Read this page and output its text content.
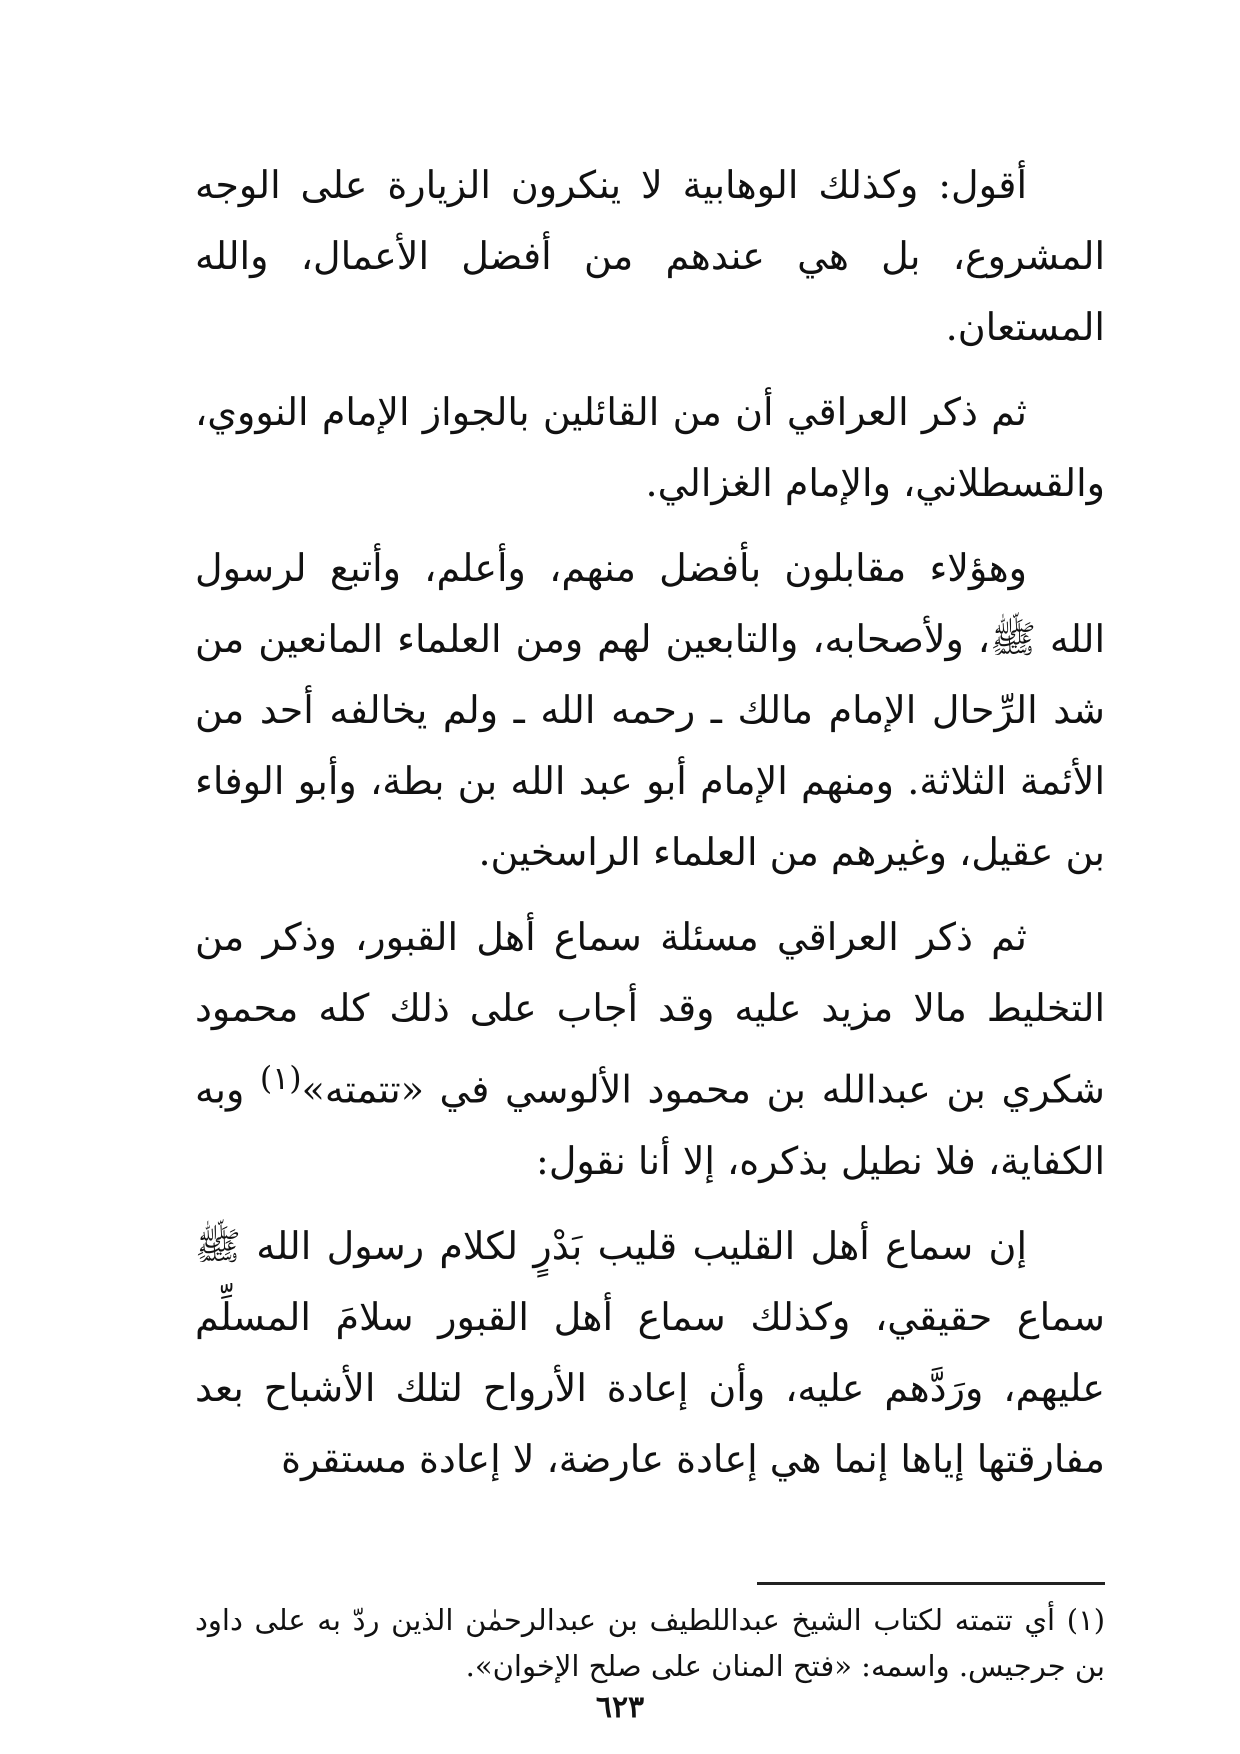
أقول: وكذلك الوهابية لا ينكرون الزيارة على الوجه المشروع، بل هي عندهم من أفضل الأعمال، والله المستعان.

ثم ذكر العراقي أن من القائلين بالجواز الإمام النووي، والقسطلاني، والإمام الغزالي.

وهؤلاء مقابلون بأفضل منهم، وأعلم، وأتبع لرسول الله ﷺ، ولأصحابه، والتابعين لهم ومن العلماء المانعين من شد الرِّحال الإمام مالك ـ رحمه الله ـ ولم يخالفه أحد من الأئمة الثلاثة. ومنهم الإمام أبو عبد الله بن بطة، وأبو الوفاء بن عقيل، وغيرهم من العلماء الراسخين.

ثم ذكر العراقي مسئلة سماع أهل القبور، وذكر من التخليط مالا مزيد عليه وقد أجاب على ذلك كله محمود شكري بن عبدالله بن محمود الألوسي في «تتمته»$^{(١)}$ وبه الكفاية، فلا نطيل بذكره، إلا أنا نقول:

إن سماع أهل القليب قليب بَدْرٍ لكلام رسول الله ﷺ سماع حقيقي، وكذلك سماع أهل القبور سلامَ المسلِّم عليهم، ورَدَّهم عليه، وأن إعادة الأرواح لتلك الأشباح بعد مفارقتها إياها إنما هي إعادة عارضة، لا إعادة مستقرة

(١) أي تتمته لكتاب الشيخ عبداللطيف بن عبدالرحمٰن الذين ردّ به على داود بن جرجيس. واسمه: «فتح المنان على صلح الإخوان».

٦٢٣
